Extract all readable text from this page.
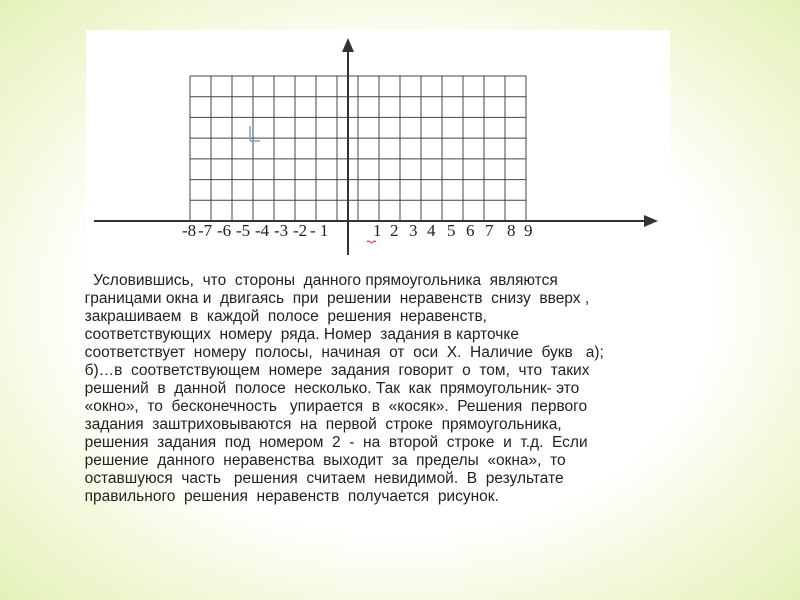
-8 -7 -6 -5 -4 -3 -2 - 1	1 2 3 4 5 6 7 8 9
Условившись,  что  стороны  данного прямоугольника  являются
границами окна и  двигаясь  при  решении  неравенств  снизу  вверх ,
закрашиваем  в  каждой  полосе  решения  неравенств,
соответствующих  номеру  ряда. Номер  задания в карточке
соответствует  номеру  полосы,  начиная  от  оси  Х.  Наличие  букв   а);
б)…в  соответствующем  номере  задания  говорит  о  том,  что  таких
решений  в  данной  полосе  несколько. Так  как  прямоугольник- это
«окно»,  то  бесконечность   упирается  в  «косяк».  Решения  первого
задания  заштриховываются  на  первой  строке  прямоугольника,
решения  задания  под  номером  2  -  на  второй  строке  и  т.д.  Если
решение  данного  неравенства  выходит  за  пределы  «окна»,  то
оставшуюся  часть   решения  считаем  невидимой.  В  результате
правильного  решения  неравенств  получается  рисунок.
